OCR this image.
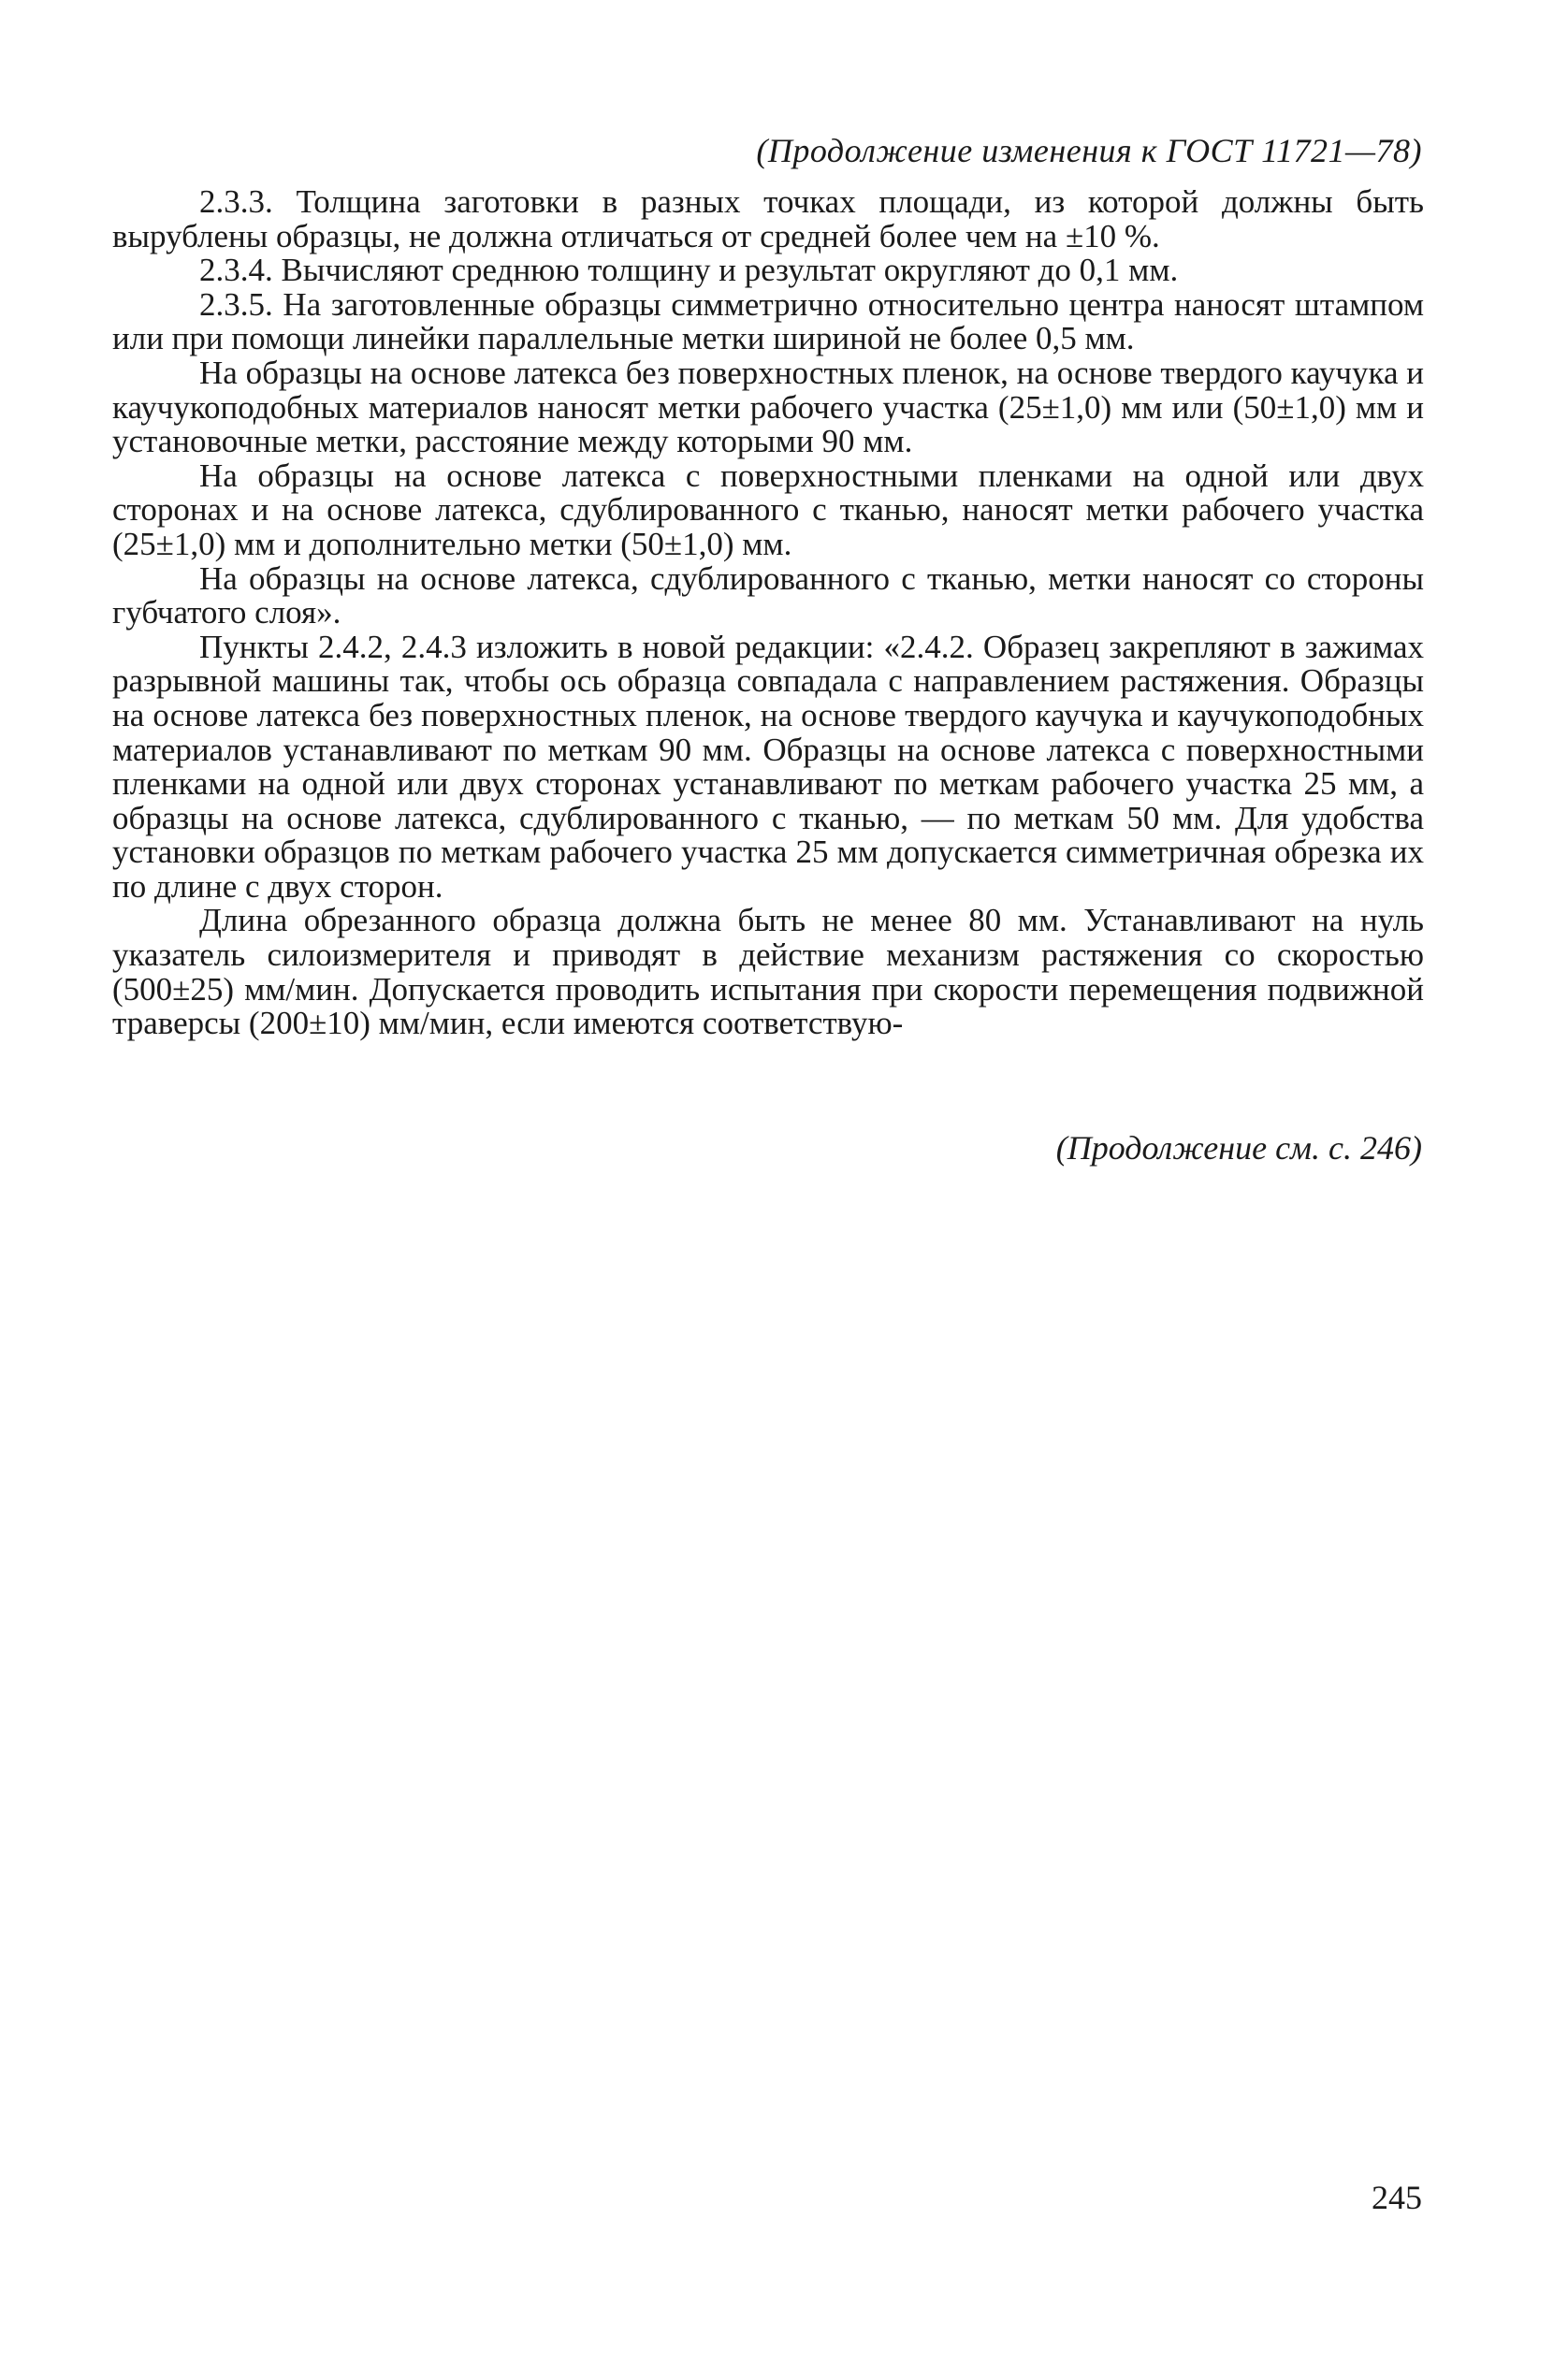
(Продолжение изменения к ГОСТ 11721—78)

2.3.3. Толщина заготовки в разных точках площади, из которой должны быть вырублены образцы, не должна отличаться от средней более чем на ±10 %.

2.3.4. Вычисляют среднюю толщину и результат округляют до 0,1 мм.

2.3.5. На заготовленные образцы симметрично относительно центра наносят штампом или при помощи линейки параллельные метки шириной не более 0,5 мм.

На образцы на основе латекса без поверхностных пленок, на основе твердого каучука и каучукоподобных материалов наносят метки рабочего участка (25±1,0) мм или (50±1,0) мм и установочные метки, расстояние между которыми 90 мм.

На образцы на основе латекса с поверхностными пленками на одной или двух сторонах и на основе латекса, сдублированного с тканью, наносят метки рабочего участка (25±1,0) мм и дополнительно метки (50±1,0) мм.

На образцы на основе латекса, сдублированного с тканью, метки наносят со стороны губчатого слоя».

Пункты 2.4.2, 2.4.3 изложить в новой редакции: «2.4.2. Образец закрепляют в зажимах разрывной машины так, чтобы ось образца совпадала с направлением растяжения. Образцы на основе латекса без поверхностных пленок, на основе твердого каучука и каучукоподобных материалов устанавливают по меткам 90 мм. Образцы на основе латекса с поверхностными пленками на одной или двух сторонах устанавливают по меткам рабочего участка 25 мм, а образцы на основе латекса, сдублированного с тканью, — по меткам 50 мм. Для удобства установки образцов по меткам рабочего участка 25 мм допускается симметричная обрезка их по длине с двух сторон.

Длина обрезанного образца должна быть не менее 80 мм. Устанавливают на нуль указатель силоизмерителя и приводят в действие механизм растяжения со скоростью (500±25) мм/мин. Допускается проводить испытания при скорости перемещения подвижной траверсы (200±10) мм/мин, если имеются соответствую-

(Продолжение см. с. 246)
245
